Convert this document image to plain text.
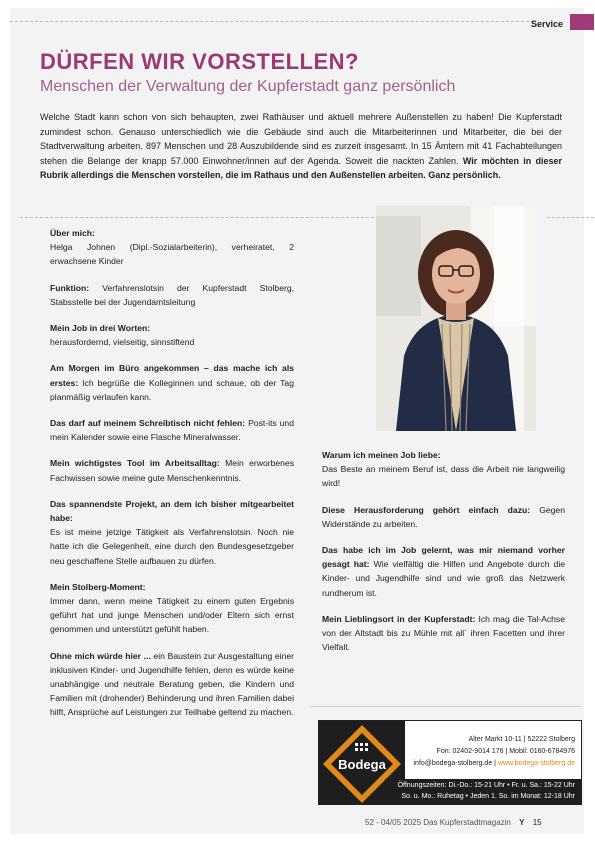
Service
DÜRFEN WIR VORSTELLEN?
Menschen der Verwaltung der Kupferstadt ganz persönlich
Welche Stadt kann schon von sich behaupten, zwei Rathäuser und aktuell mehrere Außenstellen zu haben! Die Kupferstadt zumindest schon. Genauso unterschiedlich wie die Gebäude sind auch die Mitarbeiterinnen und Mitarbeiter, die bei der Stadtverwaltung arbeiten. 897 Menschen und 28 Auszubildende sind es zurzeit insgesamt. In 15 Ämtern mit 41 Fachabteilungen stehen die Belange der knapp 57.000 Einwohner/innen auf der Agenda. Soweit die nackten Zahlen. Wir möchten in dieser Rubrik allerdings die Menschen vorstellen, die im Rathaus und den Außenstellen arbeiten. Ganz persönlich.
Über mich:
Helga Johnen (Dipl.-Sozialarbeiterin), verheiratet, 2 erwachsene Kinder
Funktion: Verfahrenslotsin der Kupferstadt Stolberg, Stabsstelle bei der Jugendamtsleitung
Mein Job in drei Worten:
herausfordernd, vielseitig, sinnstiftend
Am Morgen im Büro angekommen – das mache ich als erstes: Ich begrüße die Kolleginnen und schaue, ob der Tag planmäßig verlaufen kann.
Das darf auf meinem Schreibtisch nicht fehlen: Post-its und mein Kalender sowie eine Flasche Mineralwasser.
Mein wichtigstes Tool im Arbeitsalltag: Mein erworbenes Fachwissen sowie meine gute Menschenkenntnis.
Das spannendste Projekt, an dem ich bisher mitgearbeitet habe:
Es ist meine jetzige Tätigkeit als Verfahrenslotsin. Noch nie hatte ich die Gelegenheit, eine durch den Bundesgesetzgeber neu geschaffene Stelle aufbauen zu dürfen.
Mein Stolberg-Moment:
Immer dann, wenn meine Tätigkeit zu einem guten Ergebnis geführt hat und junge Menschen und/oder Eltern sich ernst genommen und unterstützt gefühlt haben.
Ohne mich würde hier ... ein Baustein zur Ausgestaltung einer inklusiven Kinder- und Jugendhilfe fehlen, denn es würde keine unabhängige und neutrale Beratung geben, die Kindern und Familien mit (drohender) Behinderung und ihren Familien dabei hilft, Ansprüche auf Leistungen zur Teilhabe geltend zu machen.
Warum ich meinen Job liebe:
Das Beste an meinem Beruf ist, dass die Arbeit nie langweilig wird!
Diese Herausforderung gehört einfach dazu: Gegen Widerstände zu arbeiten.
Das habe ich im Job gelernt, was mir niemand vorher gesagt hat: Wie vielfältig die Hilfen und Angebote durch die Kinder- und Jugendhilfe sind und wie groß das Netzwerk rundherum ist.
Mein Lieblingsort in der Kupferstadt: Ich mag die Tal-Achse von der Altstadt bis zu Mühle mit all´ ihren Facetten und ihrer Vielfalt.
Bodega
Alter Markt 10-11 | 52222 Stolberg
Fon: 02402-9014 176 | Mobil: 0160-6784976
info@bodega-stolberg.de | www.bodega-stolberg.de
Öffnungszeiten: Di.-Do.: 15-21 Uhr • Fr. u. Sa.: 15-22 Uhr
So. u. Mo.: Ruhetag • Jeden 1. So. im Monat: 12-18 Uhr
52 - 04/05 2025 Das Kupferstadtmagazin Y 15
